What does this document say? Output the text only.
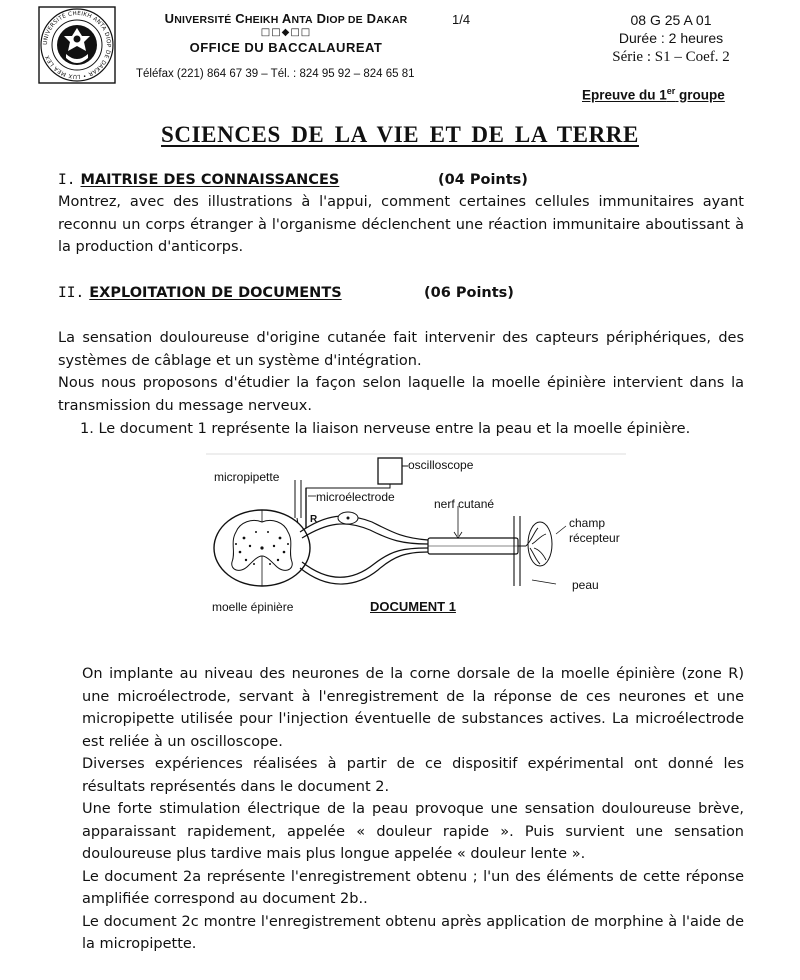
UNIVERSITÉ CHEIKH ANTA DIOP DE DAKAR • LUX MEA LEX
UNIVERSITÉ CHEIKH ANTA DIOP DE DAKAR
□□◆□□
OFFICE DU BACCALAUREAT
Téléfax (221) 864 67 39 – Tél. : 824 95 92 – 824 65 81
1/4	08 G 25 A 01
Durée : 2 heures
Série : S1 – Coef. 2
Epreuve du 1er groupe
SCIENCES DE LA VIE ET DE LA TERRE
I. MAITRISE DES CONNAISSANCES	(04 Points)

Montrez, avec des illustrations à l'appui, comment certaines cellules immunitaires ayant reconnu un corps étranger à l'organisme déclenchent une réaction immunitaire aboutissant à la production d'anticorps.

II. EXPLOITATION DE DOCUMENTS	(06 Points)

La sensation douloureuse d'origine cutanée fait intervenir des capteurs périphériques, des systèmes de câblage et un système d'intégration.

Nous nous proposons d'étudier la façon selon laquelle la moelle épinière intervient dans la transmission du message nerveux.

1. Le document 1 représente la liaison nerveuse entre la peau et la moelle épinière.
oscilloscope
micropipette
microélectrode	nerf cutané
champ
récepteur
peau
moelle épinière
R
DOCUMENT 1

On implante au niveau des neurones de la corne dorsale de la moelle épinière (zone R) une microélectrode, servant à l'enregistrement de la réponse de ces neurones et une micropipette utilisée pour l'injection éventuelle de substances actives. La microélectrode est reliée à un oscilloscope.

Diverses expériences réalisées à partir de ce dispositif expérimental ont donné les résultats représentés dans le document 2.

Une forte stimulation électrique de la peau provoque une sensation douloureuse brève, apparaissant rapidement, appelée « douleur rapide ». Puis survient une sensation douloureuse plus tardive mais plus longue appelée « douleur lente ».

Le document 2a représente l'enregistrement obtenu ; l'un des éléments de cette réponse amplifiée correspond au document 2b..

Le document 2c montre l'enregistrement obtenu après application de morphine à l'aide de la micropipette.
